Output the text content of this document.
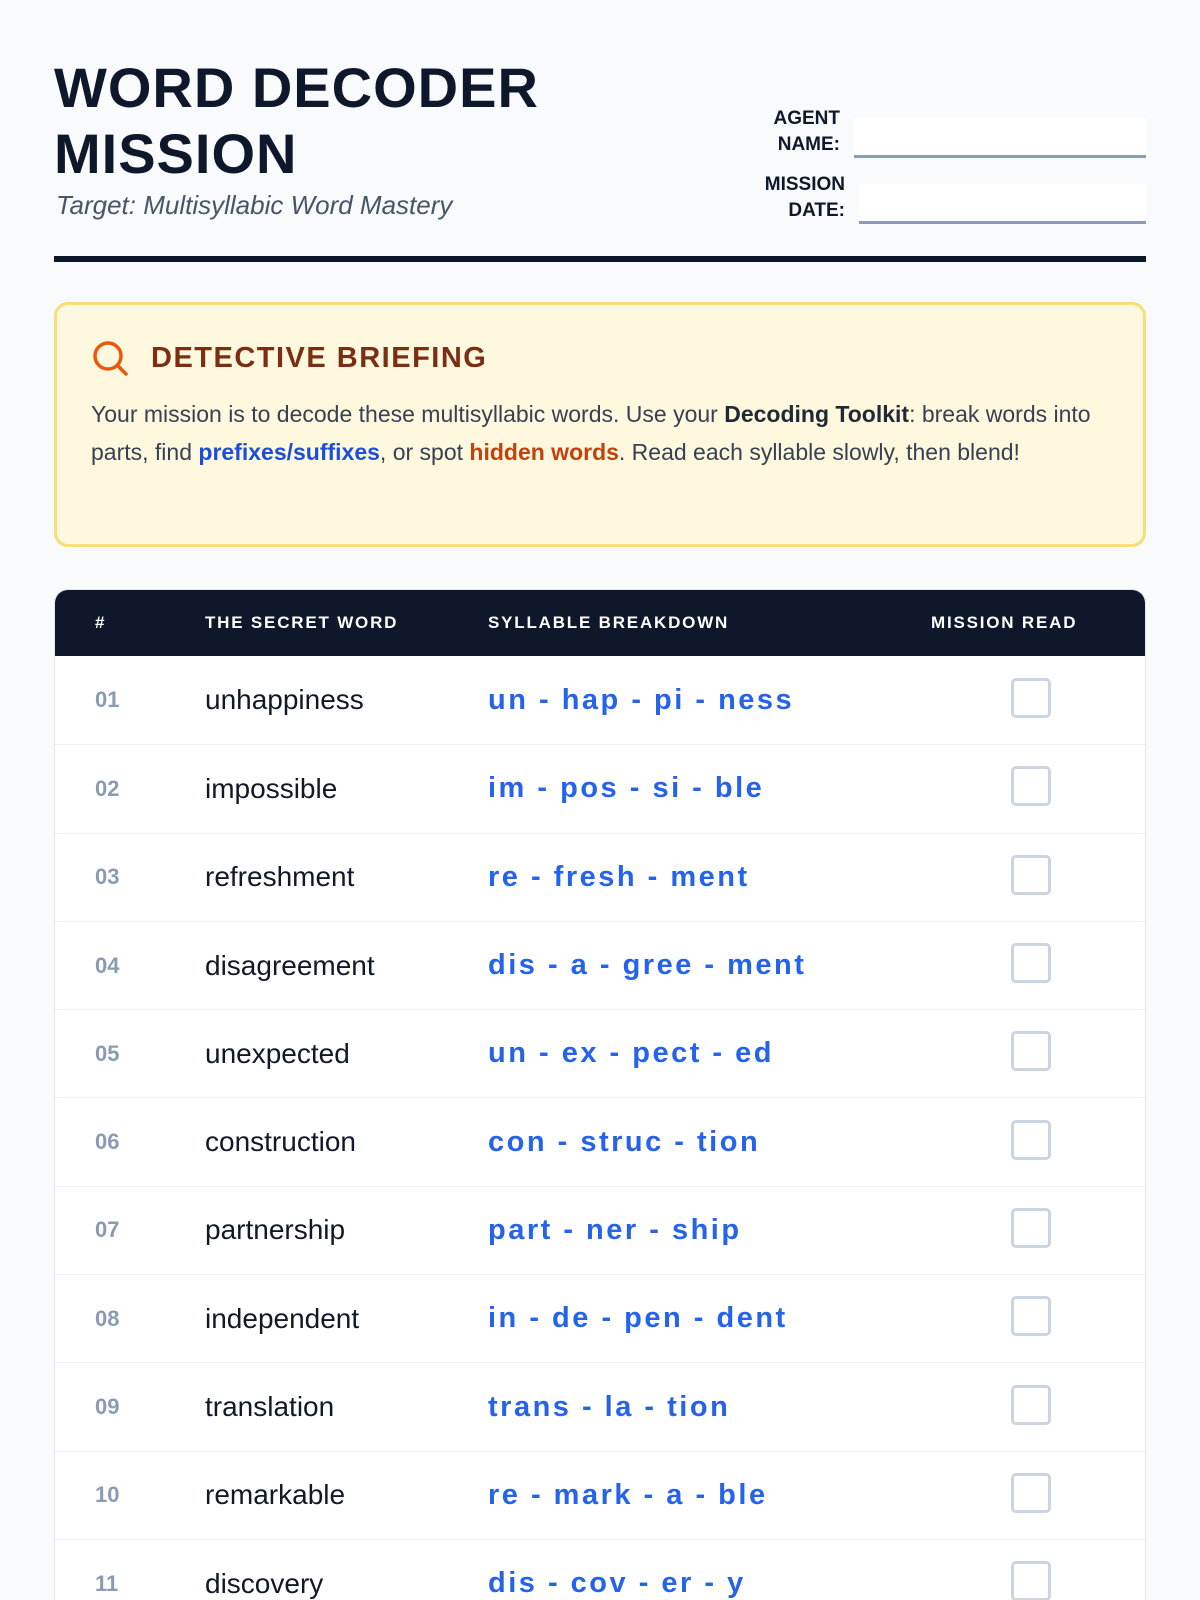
WORD DECODER MISSION
Target: Multisyllabic Word Mastery
AGENT NAME:
MISSION DATE:
DETECTIVE BRIEFING
Your mission is to decode these multisyllabic words. Use your Decoding Toolkit: break words into parts, find prefixes/suffixes, or spot hidden words. Read each syllable slowly, then blend!
#	THE SECRET WORD	SYLLABLE BREAKDOWN	MISSION READ
01	unhappiness	un - hap - pi - ness
02	impossible	im - pos - si - ble
03	refreshment	re - fresh - ment
04	disagreement	dis - a - gree - ment
05	unexpected	un - ex - pect - ed
06	construction	con - struc - tion
07	partnership	part - ner - ship
08	independent	in - de - pen - dent
09	translation	trans - la - tion
10	remarkable	re - mark - a - ble
11	discovery	dis - cov - er - y
